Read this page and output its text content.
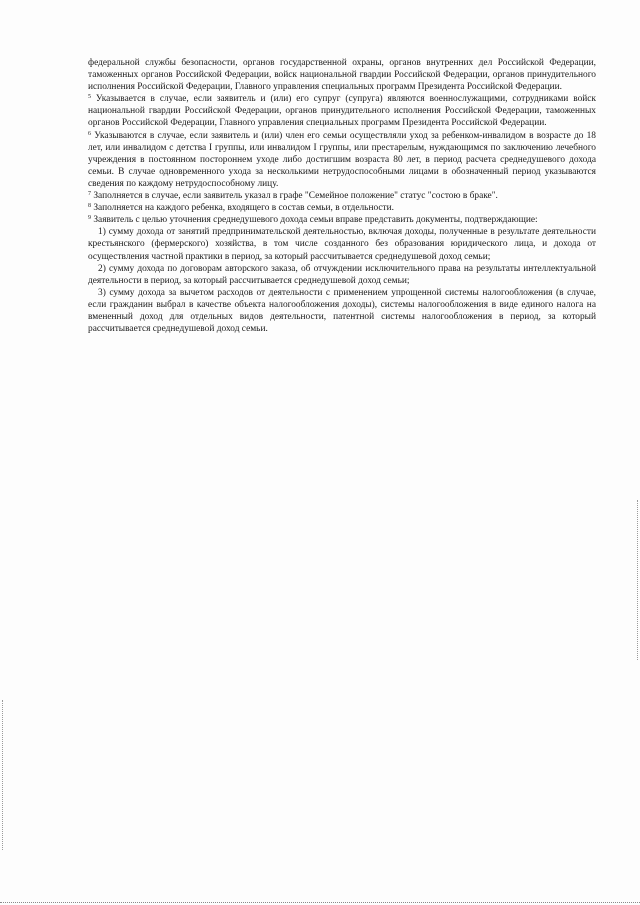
федеральной службы безопасности, органов государственной охраны, органов внутренних дел Российской Федерации, таможенных органов Российской Федерации, войск национальной гвардии Российской Федерации, органов принудительного исполнения Российской Федерации, Главного управления специальных программ Президента Российской Федерации.

$^5$ Указывается в случае, если заявитель и (или) его супруг (супруга) являются военнослужащими, сотрудниками войск национальной гвардии Российской Федерации, органов принудительного исполнения Российской Федерации, таможенных органов Российской Федерации, Главного управления специальных программ Президента Российской Федерации.

$^6$ Указываются в случае, если заявитель и (или) член его семьи осуществляли уход за ребенком-инвалидом в возрасте до 18 лет, или инвалидом с детства I группы, или инвалидом I группы, или престарелым, нуждающимся по заключению лечебного учреждения в постоянном постороннем уходе либо достигшим возраста 80 лет, в период расчета среднедушевого дохода семьи. В случае одновременного ухода за несколькими нетрудоспособными лицами в обозначенный период указываются сведения по каждому нетрудоспособному лицу.

$^7$ Заполняется в случае, если заявитель указал в графе "Семейное положение" статус "состою в браке".

$^8$ Заполняется на каждого ребенка, входящего в состав семьи, в отдельности.

$^9$ Заявитель с целью уточнения среднедушевого дохода семьи вправе представить документы, подтверждающие:

1) сумму дохода от занятий предпринимательской деятельностью, включая доходы, полученные в результате деятельности крестьянского (фермерского) хозяйства, в том числе созданного без образования юридического лица, и дохода от осуществления частной практики в период, за который рассчитывается среднедушевой доход семьи;

2) сумму дохода по договорам авторского заказа, об отчуждении исключительного права на результаты интеллектуальной деятельности в период, за который рассчитывается среднедушевой доход семьи;

3) сумму дохода за вычетом расходов от деятельности с применением упрощенной системы налогообложения (в случае, если гражданин выбрал в качестве объекта налогообложения доходы), системы налогообложения в виде единого налога на вмененный доход для отдельных видов деятельности, патентной системы налогообложения в период, за который рассчитывается среднедушевой доход семьи.
